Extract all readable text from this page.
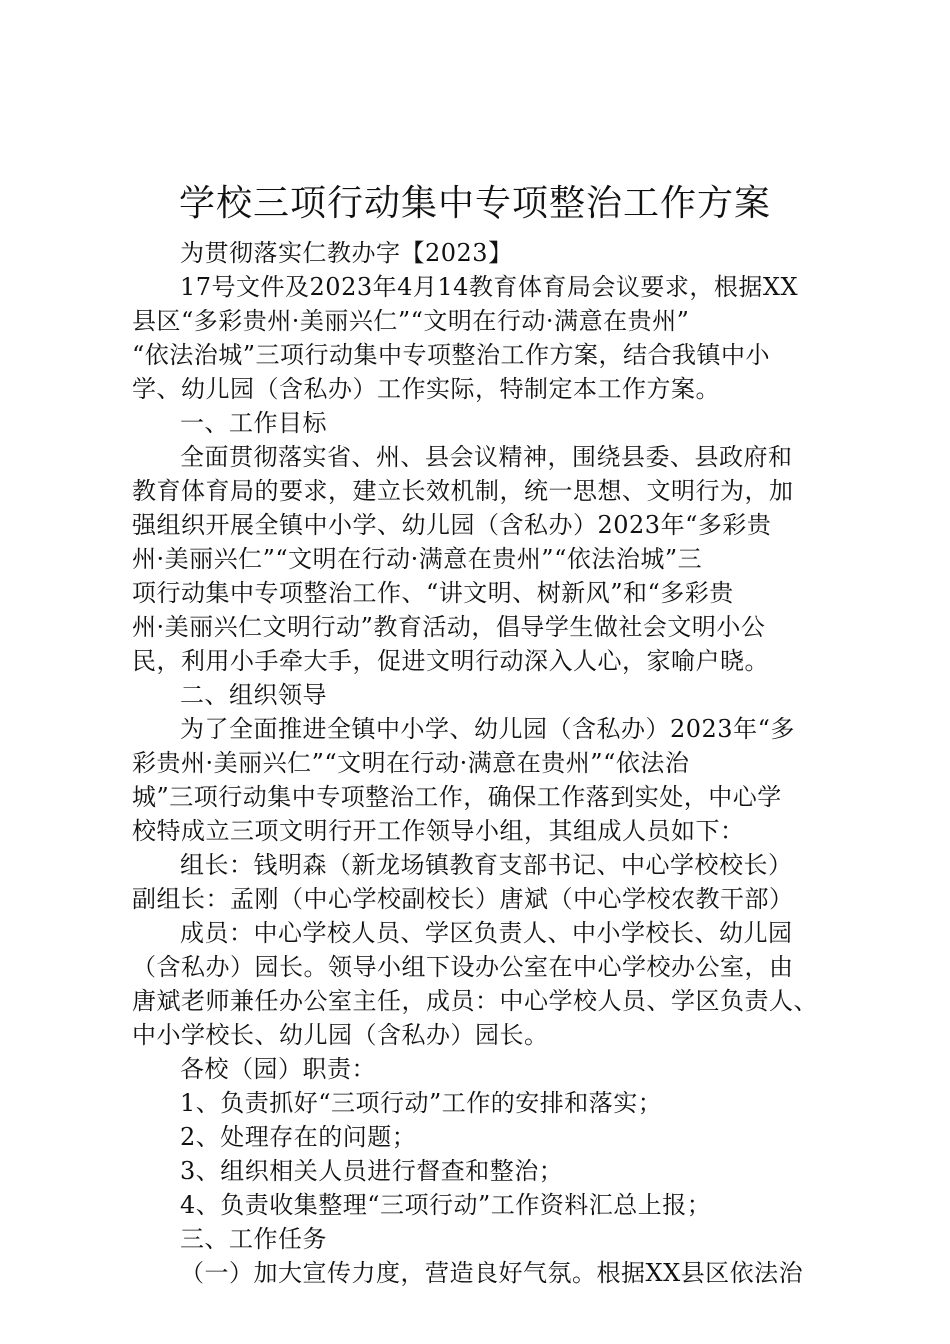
学校三项行动集中专项整治工作方案
为贯彻落实仁教办字【2023】
17号文件及2023年4月14教育体育局会议要求，根据XX
县区“多彩贵州·美丽兴仁”“文明在行动·满意在贵州”
“依法治城”三项行动集中专项整治工作方案，结合我镇中小
学、幼儿园（含私办）工作实际，特制定本工作方案。
一、工作目标
全面贯彻落实省、州、县会议精神，围绕县委、县政府和
教育体育局的要求，建立长效机制，统一思想、文明行为，加
强组织开展全镇中小学、幼儿园（含私办）2023年“多彩贵
州·美丽兴仁”“文明在行动·满意在贵州”“依法治城”三
项行动集中专项整治工作、“讲文明、树新风”和“多彩贵
州·美丽兴仁文明行动”教育活动，倡导学生做社会文明小公
民，利用小手牵大手，促进文明行动深入人心，家喻户晓。
二、组织领导
为了全面推进全镇中小学、幼儿园（含私办）2023年“多
彩贵州·美丽兴仁”“文明在行动·满意在贵州”“依法治
城”三项行动集中专项整治工作，确保工作落到实处，中心学
校特成立三项文明行开工作领导小组，其组成人员如下：
组长：钱明森（新龙场镇教育支部书记、中心学校校长）
副组长：孟刚（中心学校副校长）唐斌（中心学校农教干部）
成员：中心学校人员、学区负责人、中小学校长、幼儿园
（含私办）园长。领导小组下设办公室在中心学校办公室，由
唐斌老师兼任办公室主任，成员：中心学校人员、学区负责人、
中小学校长、幼儿园（含私办）园长。
各校（园）职责：
1、负责抓好“三项行动”工作的安排和落实；
2、处理存在的问题；
3、组织相关人员进行督查和整治；
4、负责收集整理“三项行动”工作资料汇总上报；
三、工作任务
（一）加大宣传力度，营造良好气氛。根据XX县区依法治
